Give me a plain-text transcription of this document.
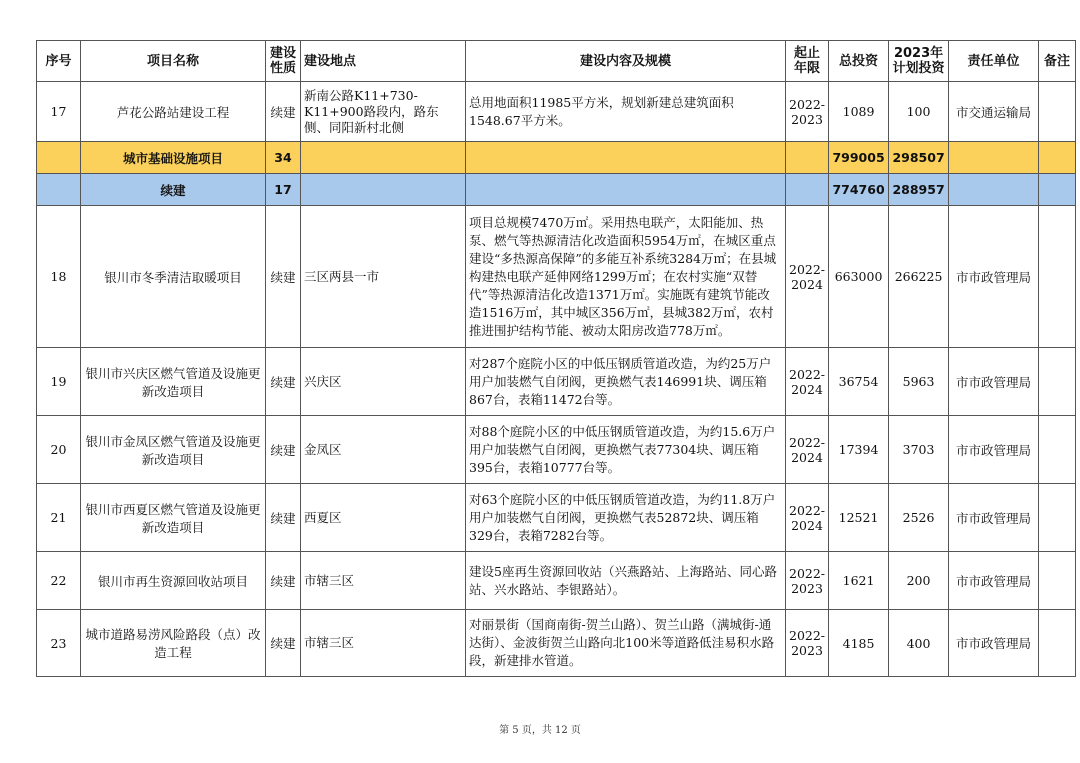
序号	项目名称	建设性质	建设地点	建设内容及规模	起止年限	总投资	2023年计划投资	责任单位	备注
17	芦花公路站建设工程	续建	新南公路K11+730-K11+900路段内，路东侧、同阳新村北侧	总用地面积11985平方米，规划新建总建筑面积1548.67平方米。	2022-2023	1089	100	市交通运输局	
	城市基础设施项目	34				799005	298507		
	续建	17				774760	288957		
18	银川市冬季清洁取暖项目	续建	三区两县一市	项目总规模7470万㎡。采用热电联产，太阳能加、热泵、燃气等热源清洁化改造面积5954万㎡，在城区重点建设“多热源高保障”的多能互补系统3284万㎡；在县城构建热电联产延伸网络1299万㎡；在农村实施“双替代”等热源清洁化改造1371万㎡。实施既有建筑节能改造1516万㎡，其中城区356万㎡，县城382万㎡，农村推进围护结构节能、被动太阳房改造778万㎡。	2022-2024	663000	266225	市市政管理局	
19	银川市兴庆区燃气管道及设施更新改造项目	续建	兴庆区	对287个庭院小区的中低压钢质管道改造，为约25万户用户加装燃气自闭阀，更换燃气表146991块、调压箱867台，表箱11472台等。	2022-2024	36754	5963	市市政管理局	
20	银川市金凤区燃气管道及设施更新改造项目	续建	金凤区	对88个庭院小区的中低压钢质管道改造，为约15.6万户用户加装燃气自闭阀，更换燃气表77304块、调压箱395台，表箱10777台等。	2022-2024	17394	3703	市市政管理局	
21	银川市西夏区燃气管道及设施更新改造项目	续建	西夏区	对63个庭院小区的中低压钢质管道改造，为约11.8万户用户加装燃气自闭阀，更换燃气表52872块、调压箱329台，表箱7282台等。	2022-2024	12521	2526	市市政管理局	
22	银川市再生资源回收站项目	续建	市辖三区	建设5座再生资源回收站（兴燕路站、上海路站、同心路站、兴水路站、李银路站）。	2022-2023	1621	200	市市政管理局	
23	城市道路易涝风险路段（点）改造工程	续建	市辖三区	对丽景街（国商南街-贺兰山路）、贺兰山路（满城街-通达街）、金波街贺兰山路向北100米等道路低洼易积水路段，新建排水管道。	2022-2023	4185	400	市市政管理局	
第 5 页，共 12 页
